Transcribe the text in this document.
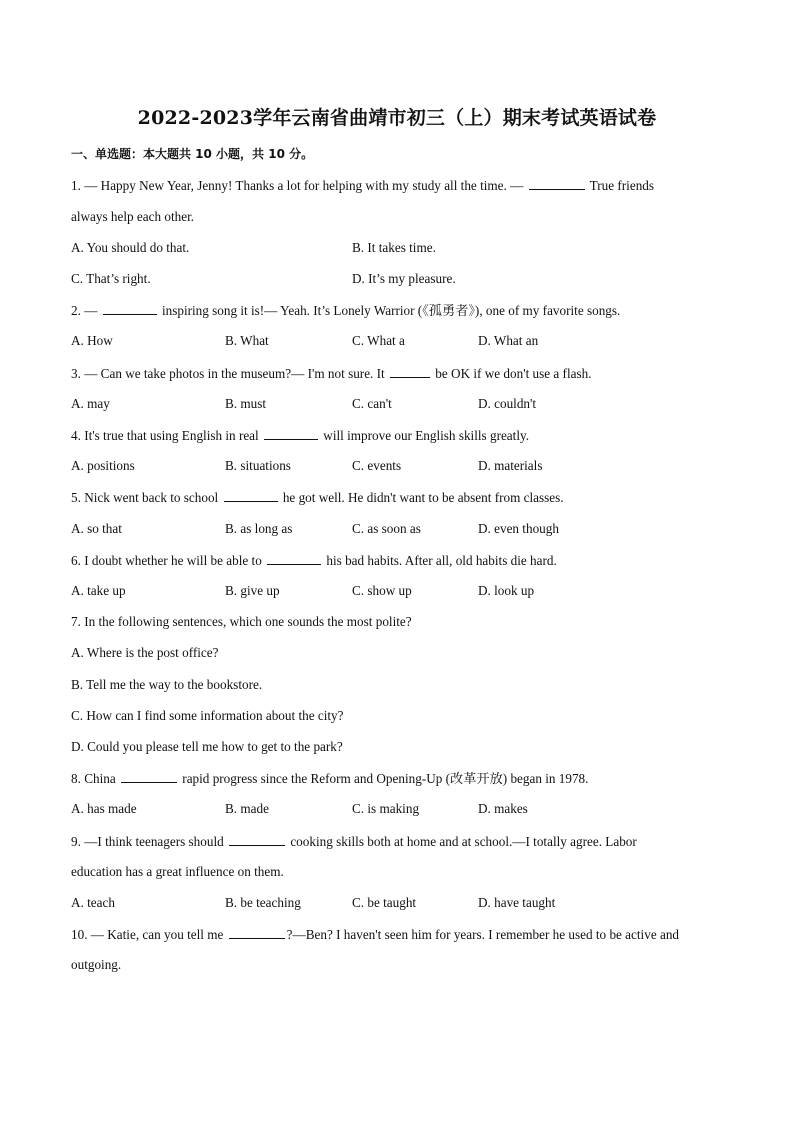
2022-2023学年云南省曲靖市初三（上）期末考试英语试卷
一、单选题：本大题共 10 小题，共 10 分。
1. — Happy New Year, Jenny! Thanks a lot for helping with my study all the time. —	True friends
always help each other.
A. You should do that.	B. It takes time.
C. That’s right.	D. It’s my pleasure.
2. —	inspiring song it is!— Yeah. It’s Lonely Warrior (《孤勇者》), one of my favorite songs.
A. How	B. What	C. What a	D. What an
3. — Can we take photos in the museum?— I'm not sure. It	be OK if we don't use a flash.
A. may	B. must	C. can't	D. couldn't
4. It's true that using English in real	will improve our English skills greatly.
A. positions	B. situations	C. events	D. materials
5. Nick went back to school	he got well. He didn't want to be absent from classes.
A. so that	B. as long as	C. as soon as	D. even though
6. I doubt whether he will be able to	his bad habits. After all, old habits die hard.
A. take up	B. give up	C. show up	D. look up
7. In the following sentences, which one sounds the most polite?
A. Where is the post office?
B. Tell me the way to the bookstore.
C. How can I find some information about the city?
D. Could you please tell me how to get to the park?
8. China	rapid progress since the Reform and Opening-Up (改革开放) began in 1978.
A. has made	B. made	C. is making	D. makes
9. —I think teenagers should	cooking skills both at home and at school.—I totally agree. Labor
education has a great influence on them.
A. teach	B. be teaching	C. be taught	D. have taught
10. — Katie, can you tell me	?—Ben? I haven't seen him for years. I remember he used to be active and
outgoing.
